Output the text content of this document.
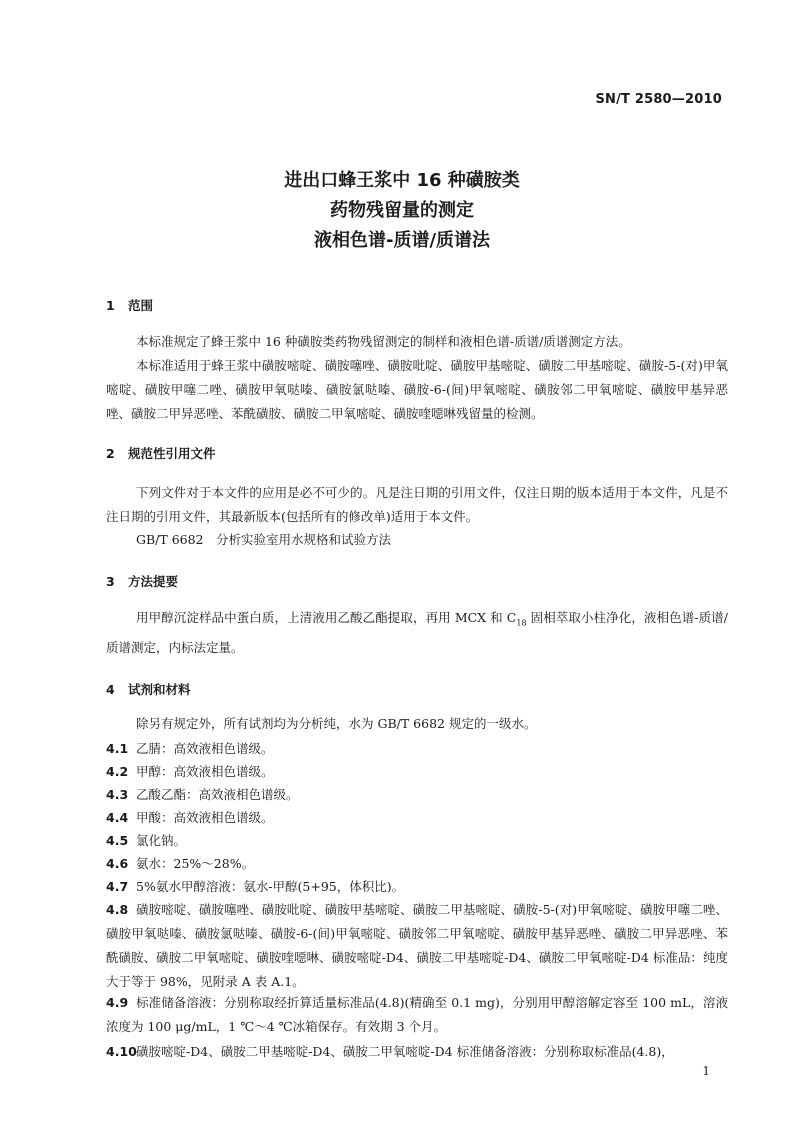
SN/T 2580—2010
进出口蜂王浆中 16 种磺胺类
药物残留量的测定
液相色谱-质谱/质谱法
1 范围
本标准规定了蜂王浆中 16 种磺胺类药物残留测定的制样和液相色谱-质谱/质谱测定方法。
本标准适用于蜂王浆中磺胺嘧啶、磺胺噻唑、磺胺吡啶、磺胺甲基嘧啶、磺胺二甲基嘧啶、磺胺-5-(对)甲氧嘧啶、磺胺甲噻二唑、磺胺甲氧哒嗪、磺胺氯哒嗪、磺胺-6-(间)甲氧嘧啶、磺胺邻二甲氧嘧啶、磺胺甲基异恶唑、磺胺二甲异恶唑、苯酰磺胺、磺胺二甲氧嘧啶、磺胺喹噁啉残留量的检测。
2 规范性引用文件
下列文件对于本文件的应用是必不可少的。凡是注日期的引用文件，仅注日期的版本适用于本文件，凡是不注日期的引用文件，其最新版本(包括所有的修改单)适用于本文件。
GB/T 6682　分析实验室用水规格和试验方法
3 方法提要
用甲醇沉淀样品中蛋白质，上清液用乙酸乙酯提取，再用 MCX 和 $C_{18}$ 固相萃取小柱净化，液相色谱-质谱/质谱测定，内标法定量。
4 试剂和材料
除另有规定外，所有试剂均为分析纯，水为 GB/T 6682 规定的一级水。
4.1 乙腈：高效液相色谱级。
4.2 甲醇：高效液相色谱级。
4.3 乙酸乙酯：高效液相色谱级。
4.4 甲酸：高效液相色谱级。
4.5 氯化钠。
4.6 氨水：25%～28%。
4.7 5%氨水甲醇溶液：氨水-甲醇(5+95，体积比)。
4.8 磺胺嘧啶、磺胺噻唑、磺胺吡啶、磺胺甲基嘧啶、磺胺二甲基嘧啶、磺胺-5-(对)甲氧嘧啶、磺胺甲噻二唑、磺胺甲氧哒嗪、磺胺氯哒嗪、磺胺-6-(间)甲氧嘧啶、磺胺邻二甲氧嘧啶、磺胺甲基异恶唑、磺胺二甲异恶唑、苯酰磺胺、磺胺二甲氧嘧啶、磺胺喹噁啉、磺胺嘧啶-D4、磺胺二甲基嘧啶-D4、磺胺二甲氧嘧啶-D4 标准品：纯度大于等于 98%，见附录 A 表 A.1。
4.9 标准储备溶液：分别称取经折算适量标准品(4.8)(精确至 0.1 mg)，分别用甲醇溶解定容至 100 mL，溶液浓度为 100 μg/mL，1 ℃～4 ℃冰箱保存。有效期 3 个月。
4.10磺胺嘧啶-D4、磺胺二甲基嘧啶-D4、磺胺二甲氧嘧啶-D4 标准储备溶液：分别称取标准品(4.8)，
1
